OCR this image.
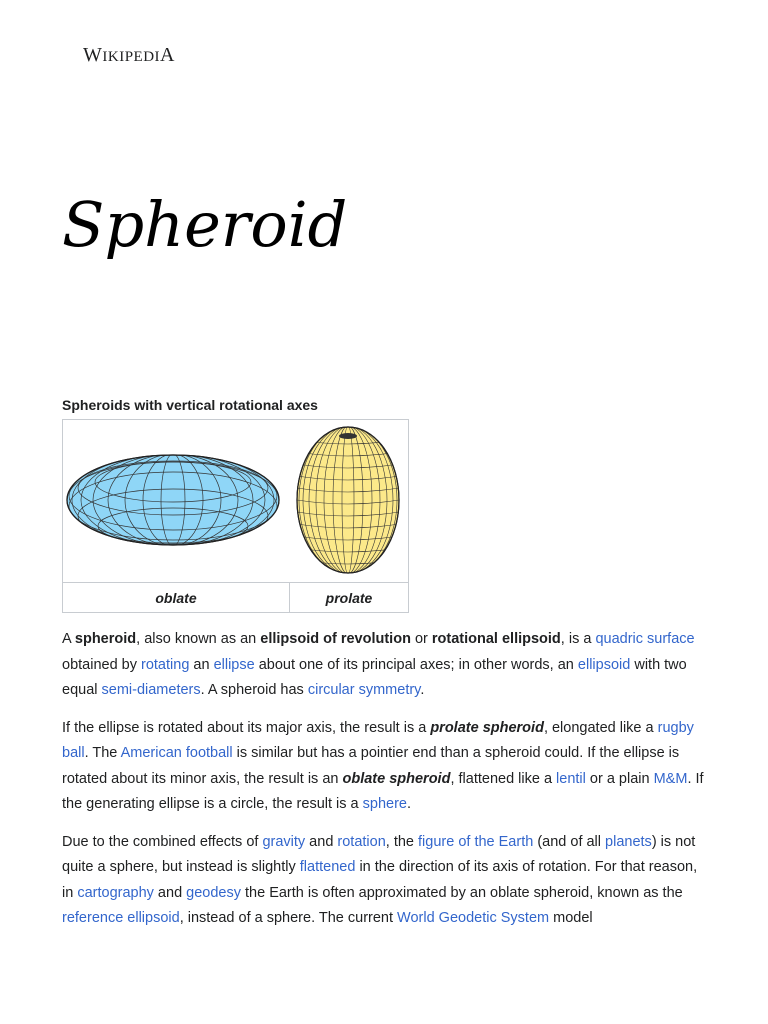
WIKIPEDIA
Spheroid
Spheroids with vertical rotational axes
oblate	prolate

A spheroid, also known as an ellipsoid of revolution or rotational ellipsoid, is a quadric surface obtained by rotating an ellipse about one of its principal axes; in other words, an ellipsoid with two equal semi-diameters. A spheroid has circular symmetry.

If the ellipse is rotated about its major axis, the result is a prolate spheroid, elongated like a rugby ball. The American football is similar but has a pointier end than a spheroid could. If the ellipse is rotated about its minor axis, the result is an oblate spheroid, flattened like a lentil or a plain M&M. If the generating ellipse is a circle, the result is a sphere.

Due to the combined effects of gravity and rotation, the figure of the Earth (and of all planets) is not quite a sphere, but instead is slightly flattened in the direction of its axis of rotation. For that reason, in cartography and geodesy the Earth is often approximated by an oblate spheroid, known as the reference ellipsoid, instead of a sphere. The current World Geodetic System model
